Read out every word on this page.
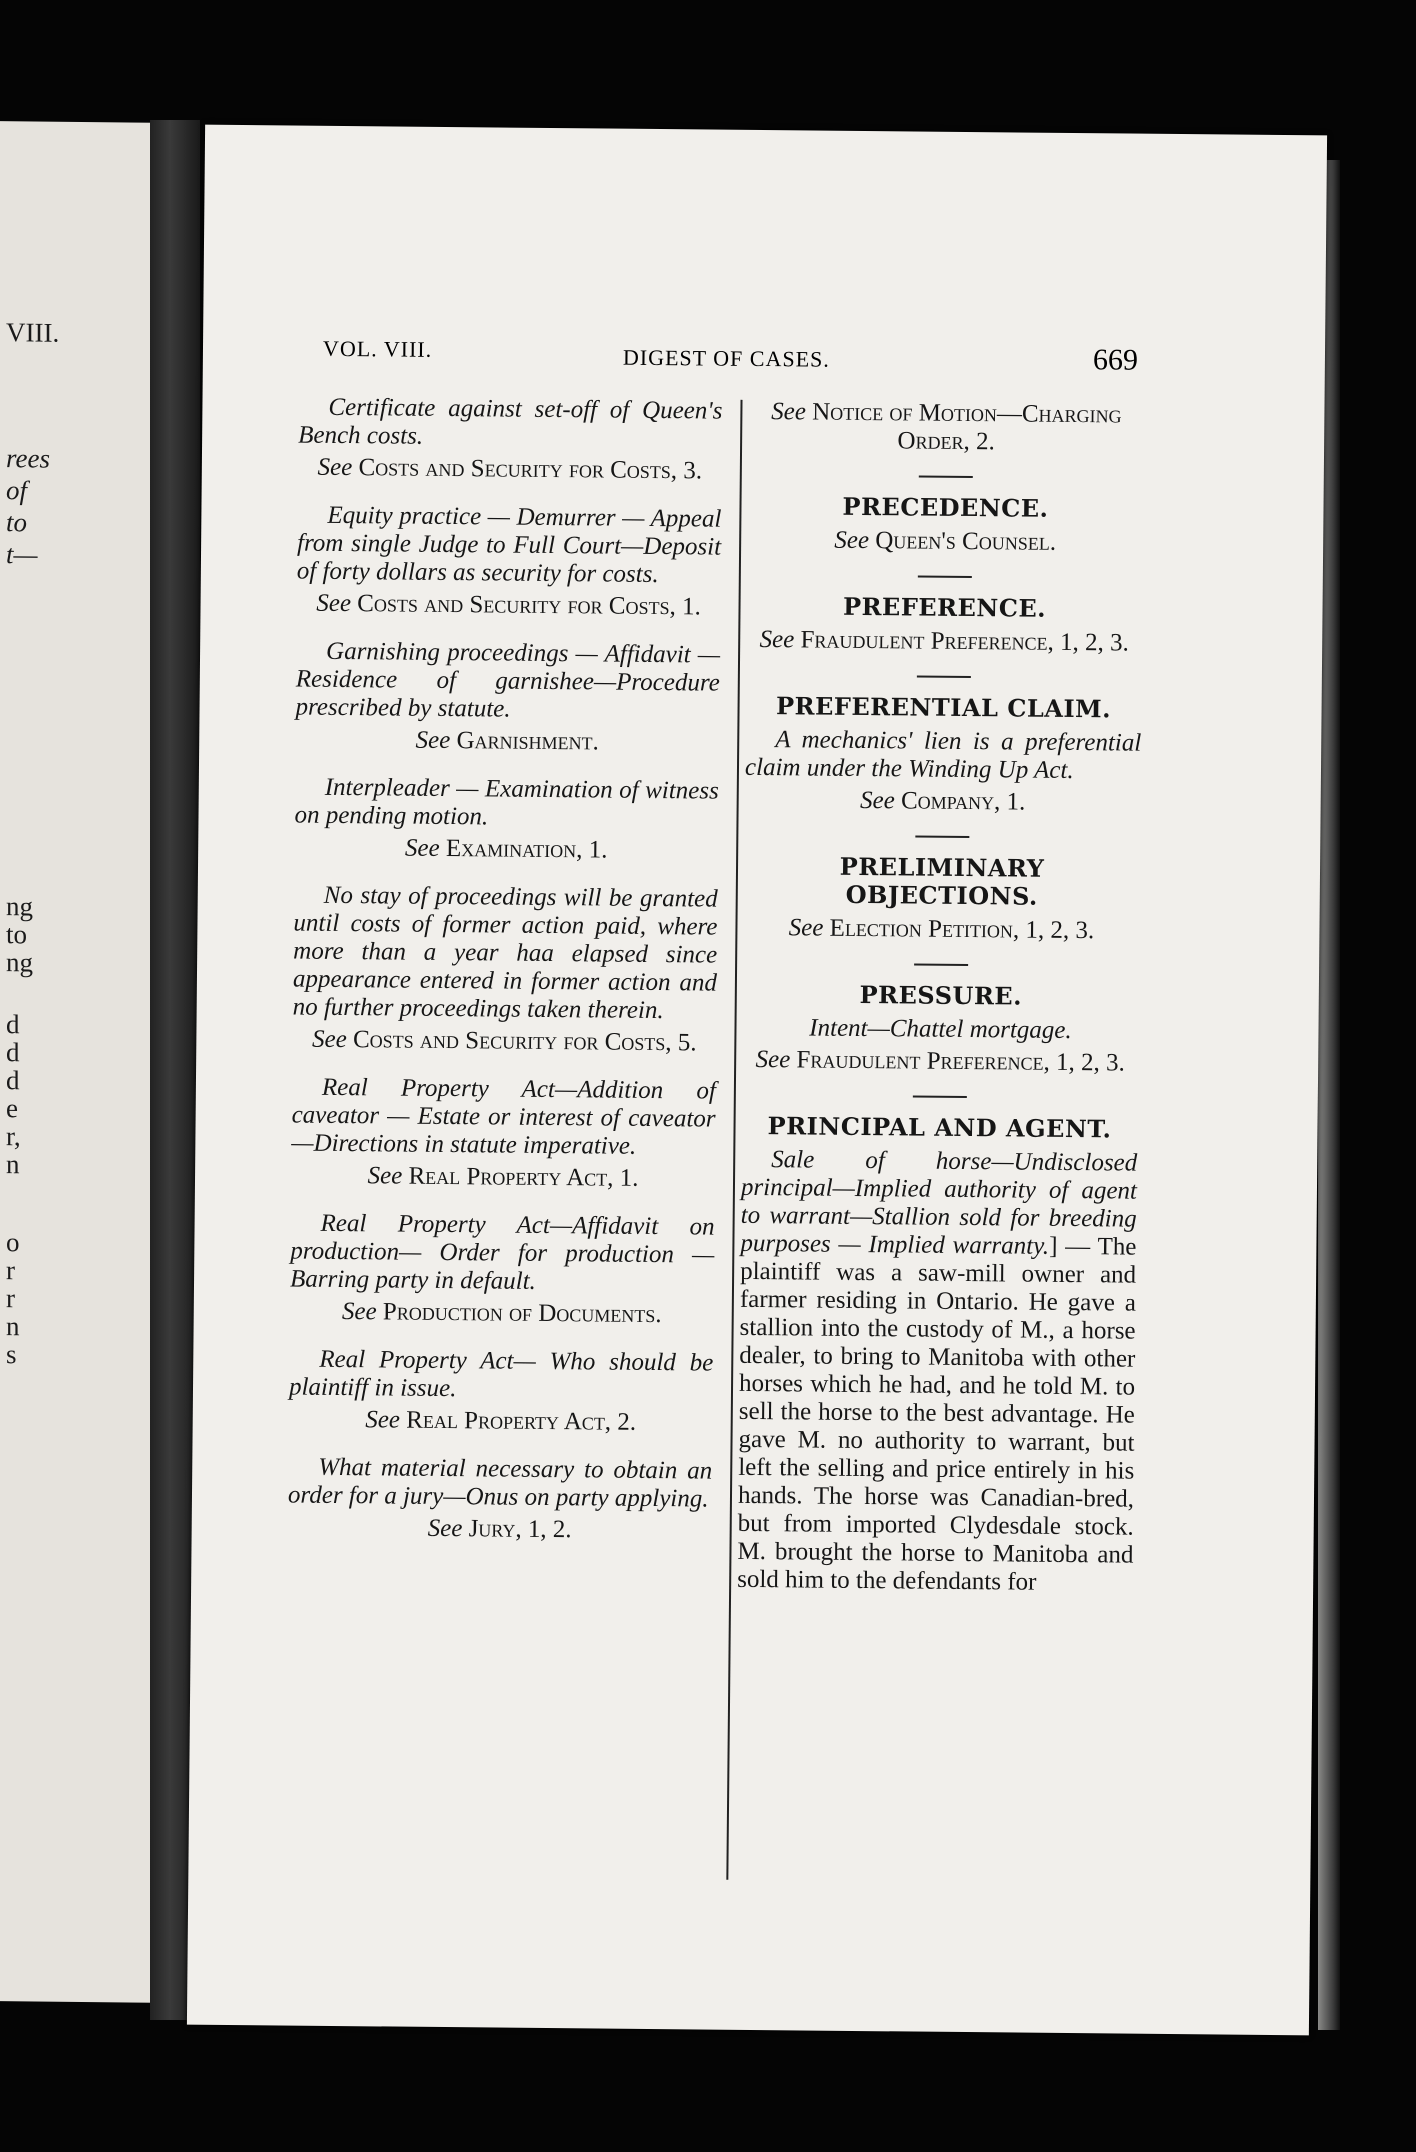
VIII.
rees
of
to
t—
ng
to
ng
d
d
d
e
r,
n
o
r
r
n
s
VOL. VIII.	DIGEST OF CASES.	669
Certificate against set-off of Queen's Bench costs.
See Costs and Security for Costs, 3.
Equity practice — Demurrer — Appeal from single Judge to Full Court—Deposit of forty dollars as security for costs.
See Costs and Security for Costs, 1.
Garnishing proceedings — Affidavit — Residence of garnishee—Procedure prescribed by statute.
See Garnishment.
Interpleader — Examination of witness on pending motion.
See Examination, 1.
No stay of proceedings will be granted until costs of former action paid, where more than a year haa elapsed since appearance entered in former action and no further proceedings taken therein.
See Costs and Security for Costs, 5.
Real Property Act—Addition of caveator — Estate or interest of caveator—Directions in statute imperative.
See Real Property Act, 1.
Real Property Act—Affidavit on production— Order for production —Barring party in default.
See Production of Documents.
Real Property Act— Who should be plaintiff in issue.
See Real Property Act, 2.
What material necessary to obtain an order for a jury—Onus on party applying.
See Jury, 1, 2.
See Notice of Motion—Charging Order, 2.
PRECEDENCE.
See Queen's Counsel.
PREFERENCE.
See Fraudulent Preference, 1, 2, 3.
PREFERENTIAL CLAIM.
A mechanics' lien is a preferential claim under the Winding Up Act.
See Company, 1.
PRELIMINARY OBJECTIONS.
See Election Petition, 1, 2, 3.
PRESSURE.
Intent—Chattel mortgage.
See Fraudulent Preference, 1, 2, 3.
PRINCIPAL AND AGENT.
Sale of horse—Undisclosed principal—Implied authority of agent to warrant—Stallion sold for breeding purposes — Implied warranty.] — The plaintiff was a saw-mill owner and farmer residing in Ontario. He gave a stallion into the custody of M., a horse dealer, to bring to Manitoba with other horses which he had, and he told M. to sell the horse to the best advantage. He gave M. no authority to warrant, but left the selling and price entirely in his hands. The horse was Canadian-bred, but from imported Clydesdale stock. M. brought the horse to Manitoba and sold him to the defendants for
